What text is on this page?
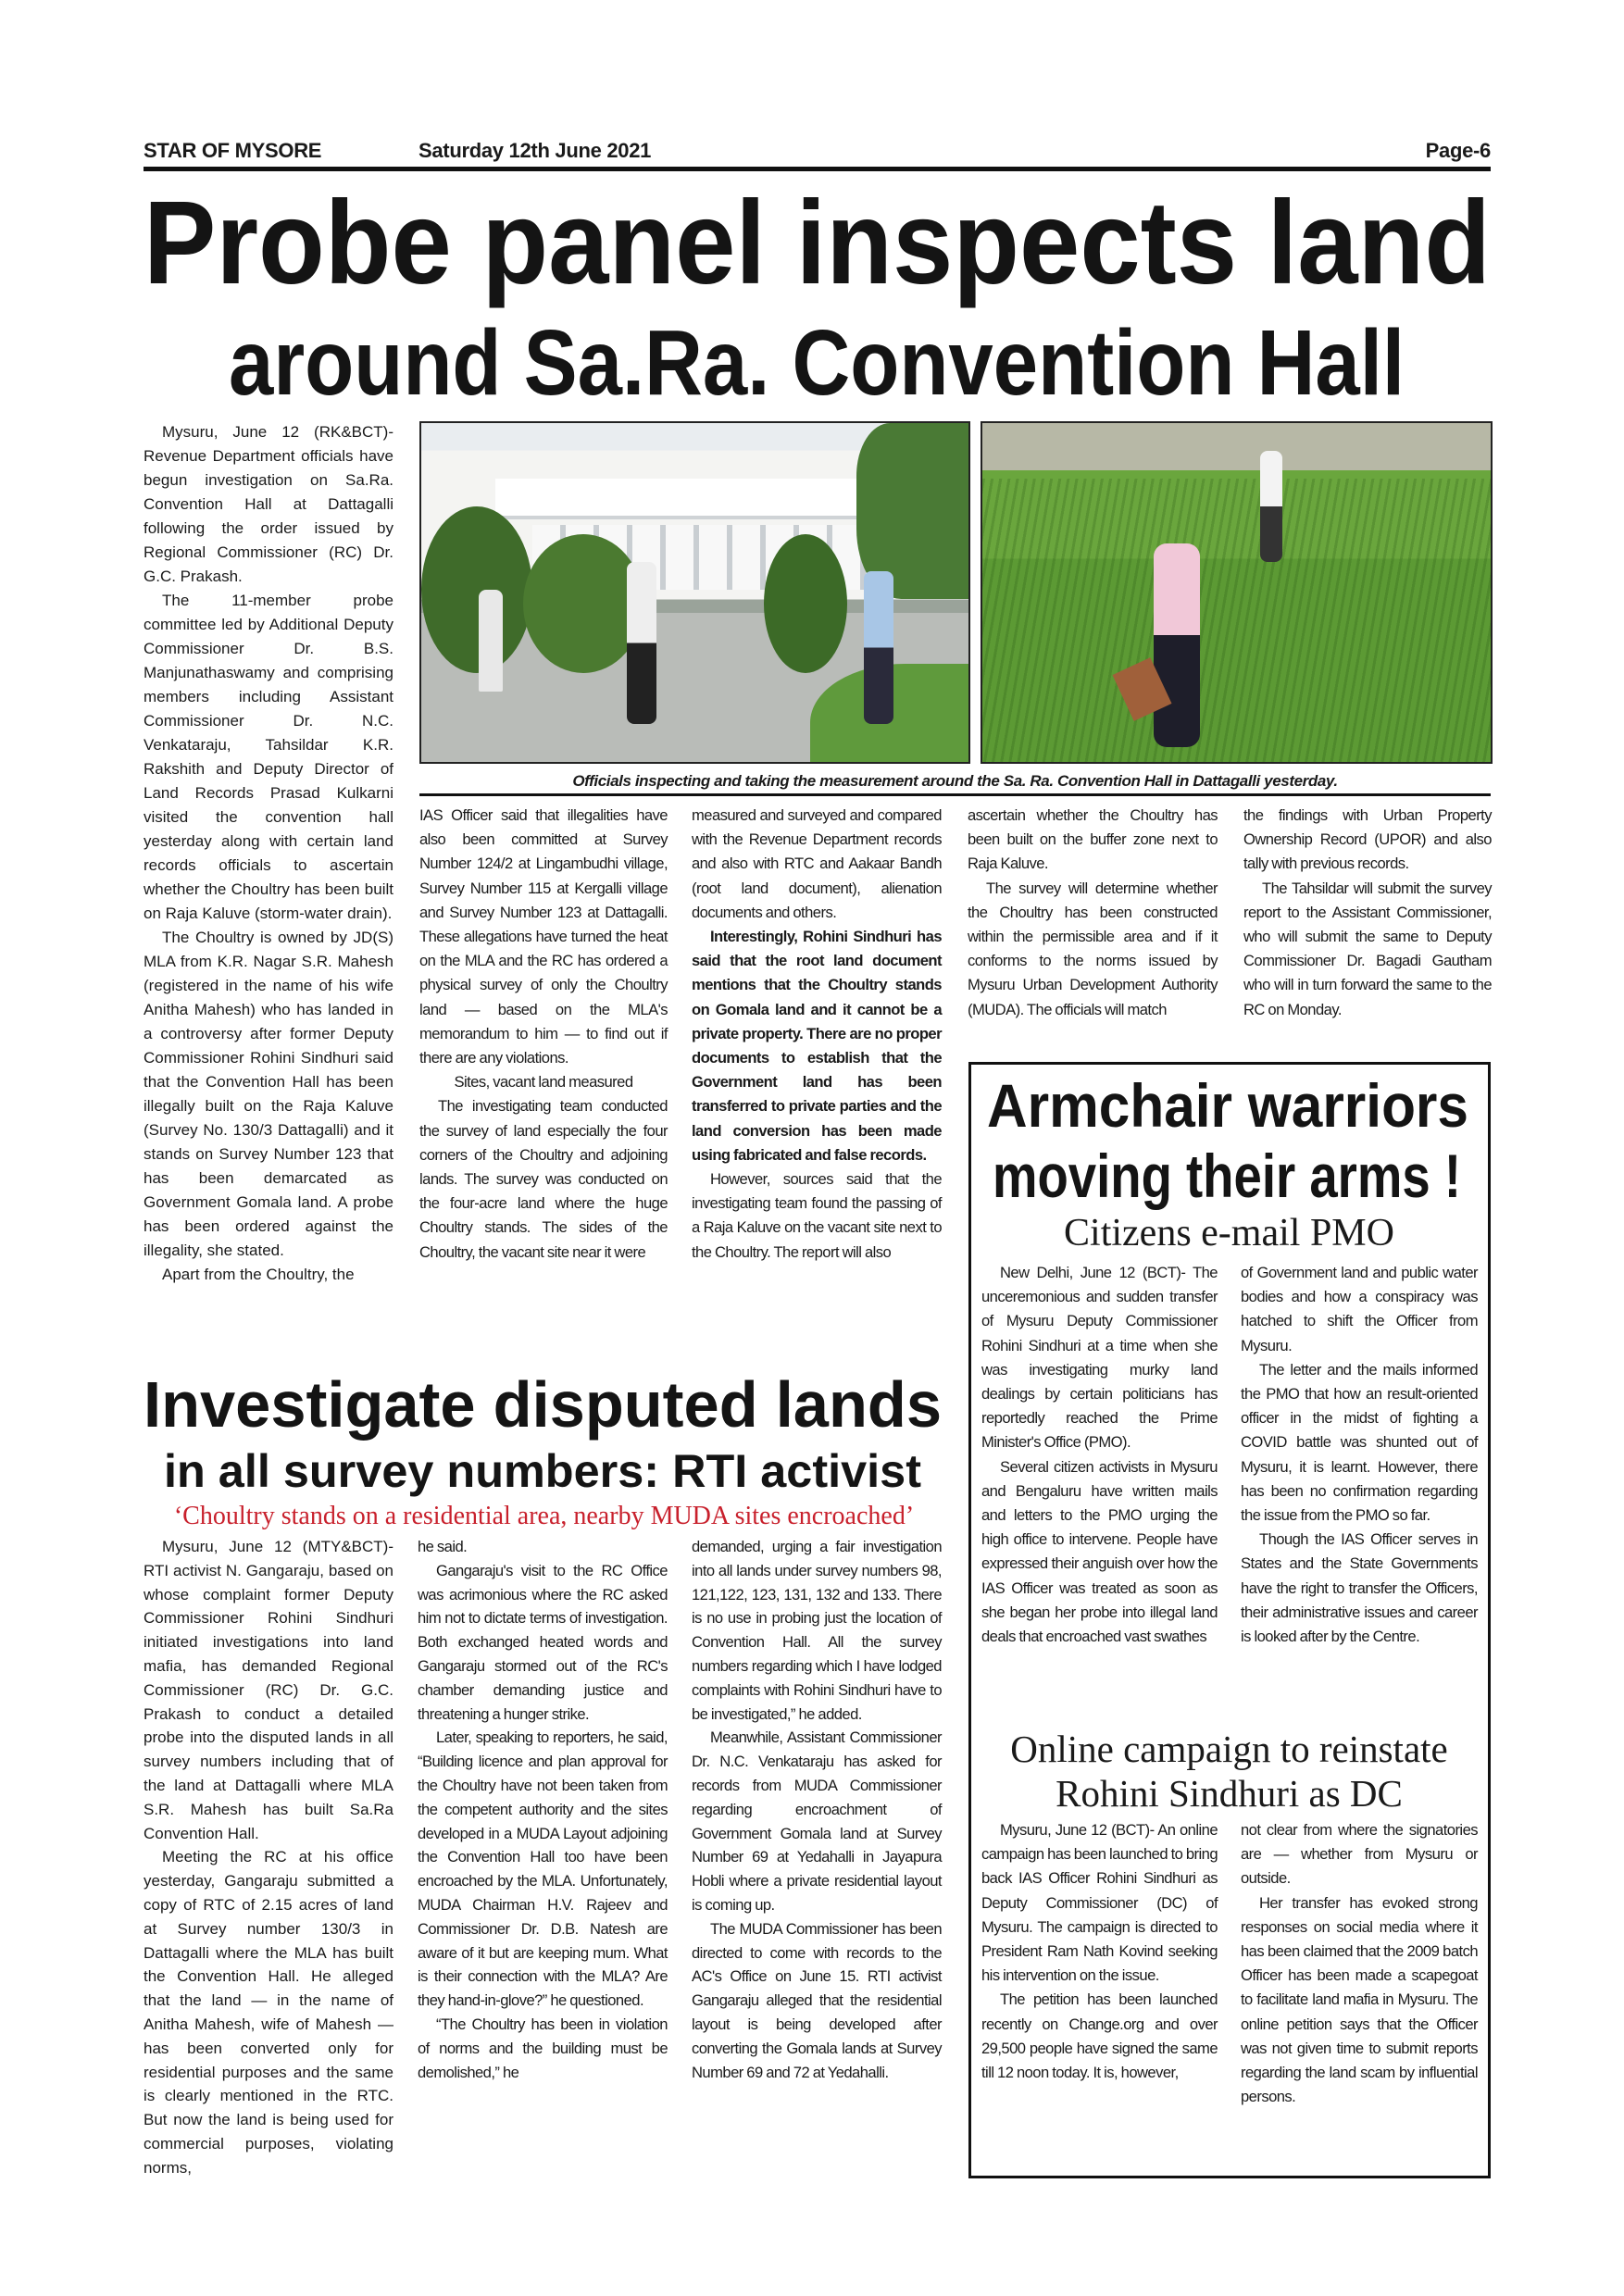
STAR OF MYSORE	Saturday 12th June 2021	Page-6
Probe panel inspects land
around Sa.Ra. Convention Hall
Officials inspecting and taking the measurement around the Sa. Ra. Convention Hall in Dattagalli yesterday.

Mysuru, June 12 (RK&BCT)- Revenue Department officials have begun investigation on Sa.Ra. Convention Hall at Dattagalli following the order issued by Regional Commissioner (RC) Dr. G.C. Prakash.

The 11-member probe committee led by Additional Deputy Commissioner Dr. B.S. Manjunathaswamy and comprising members including Assistant Commissioner Dr. N.C. Venkataraju, Tahsildar K.R. Rakshith and Deputy Director of Land Records Prasad Kulkarni visited the convention hall yesterday along with certain land records officials to ascertain whether the Choultry has been built on Raja Kaluve (storm-water drain).

The Choultry is owned by JD(S) MLA from K.R. Nagar S.R. Mahesh (registered in the name of his wife Anitha Mahesh) who has landed in a controversy after former Deputy Commissioner Rohini Sindhuri said that the Convention Hall has been illegally built on the Raja Kaluve (Survey No. 130/3 Dattagalli) and it stands on Survey Number 123 that has been demarcated as Government Gomala land. A probe has been ordered against the illegality, she stated.

Apart from the Choultry, the

IAS Officer said that illegalities have also been committed at Survey Number 124/2 at Lingambudhi village, Survey Number 115 at Kergalli village and Survey Number 123 at Dattagalli. These allegations have turned the heat on the MLA and the RC has ordered a physical survey of only the Choultry land — based on the MLA's memorandum to him — to find out if there are any violations.

Sites, vacant land measured

The investigating team conducted the survey of land especially the four corners of the Choultry and adjoining lands. The survey was conducted on the four-acre land where the huge Choultry stands. The sides of the Choultry, the vacant site near it were

measured and surveyed and compared with the Revenue Department records and also with RTC and Aakaar Bandh (root land document), alienation documents and others.

Interestingly, Rohini Sindhuri has said that the root land document mentions that the Choultry stands on Gomala land and it cannot be a private property. There are no proper documents to establish that the Government land has been transferred to private parties and the land conversion has been made using fabricated and false records.

However, sources said that the investigating team found the passing of a Raja Kaluve on the vacant site next to the Choultry. The report will also

ascertain whether the Choultry has been built on the buffer zone next to Raja Kaluve.

The survey will determine whether the Choultry has been constructed within the permissible area and if it conforms to the norms issued by Mysuru Urban Development Authority (MUDA). The officials will match

the findings with Urban Property Ownership Record (UPOR) and also tally with previous records.

The Tahsildar will submit the survey report to the Assistant Commissioner, who will submit the same to Deputy Commissioner Dr. Bagadi Gautham who will in turn forward the same to the RC on Monday.

Investigate disputed lands
in all survey numbers: RTI activist
‘Choultry stands on a residential area, nearby MUDA sites encroached’

Mysuru, June 12 (MTY&BCT)- RTI activist N. Gangaraju, based on whose complaint former Deputy Commissioner Rohini Sindhuri initiated investigations into land mafia, has demanded Regional Commissioner (RC) Dr. G.C. Prakash to conduct a detailed probe into the disputed lands in all survey numbers including that of the land at Dattagalli where MLA S.R. Mahesh has built Sa.Ra Convention Hall.

Meeting the RC at his office yesterday, Gangaraju submitted a copy of RTC of 2.15 acres of land at Survey number 130/3 in Dattagalli where the MLA has built the Convention Hall. He alleged that the land — in the name of Anitha Mahesh, wife of Mahesh — has been converted only for residential purposes and the same is clearly mentioned in the RTC. But now the land is being used for commercial purposes, violating norms,

he said.

Gangaraju's visit to the RC Office was acrimonious where the RC asked him not to dictate terms of investigation. Both exchanged heated words and Gangaraju stormed out of the RC's chamber demanding justice and threatening a hunger strike.

Later, speaking to reporters, he said, “Building licence and plan approval for the Choultry have not been taken from the competent authority and the sites developed in a MUDA Layout adjoining the Convention Hall too have been encroached by the MLA. Unfortunately, MUDA Chairman H.V. Rajeev and Commissioner Dr. D.B. Natesh are aware of it but are keeping mum. What is their connection with the MLA? Are they hand-in-glove?” he questioned.

“The Choultry has been in violation of norms and the building must be demolished,” he

demanded, urging a fair investigation into all lands under survey numbers 98, 121,122, 123, 131, 132 and 133. There is no use in probing just the location of Convention Hall. All the survey numbers regarding which I have lodged complaints with Rohini Sindhuri have to be investigated,” he added.

Meanwhile, Assistant Commissioner Dr. N.C. Venkataraju has asked for records from MUDA Commissioner regarding encroachment of Government Gomala land at Survey Number 69 at Yedahalli in Jayapura Hobli where a private residential layout is coming up.

The MUDA Commissioner has been directed to come with records to the AC's Office on June 15. RTI activist Gangaraju alleged that the residential layout is being developed after converting the Gomala lands at Survey Number 69 and 72 at Yedahalli.

Armchair warriors
moving their arms !
Citizens e-mail PMO

New Delhi, June 12 (BCT)- The unceremonious and sudden transfer of Mysuru Deputy Commissioner Rohini Sindhuri at a time when she was investigating murky land dealings by certain politicians has reportedly reached the Prime Minister's Office (PMO).

Several citizen activists in Mysuru and Bengaluru have written mails and letters to the PMO urging the high office to intervene. People have expressed their anguish over how the IAS Officer was treated as soon as she began her probe into illegal land deals that encroached vast swathes

of Government land and public water bodies and how a conspiracy was hatched to shift the Officer from Mysuru.

The letter and the mails informed the PMO that how an result-oriented officer in the midst of fighting a COVID battle was shunted out of Mysuru, it is learnt. However, there has been no confirmation regarding the issue from the PMO so far.

Though the IAS Officer serves in States and the State Governments have the right to transfer the Officers, their administrative issues and career is looked after by the Centre.

Online campaign to reinstate
Rohini Sindhuri as DC

Mysuru, June 12 (BCT)- An online campaign has been launched to bring back IAS Officer Rohini Sindhuri as Deputy Commissioner (DC) of Mysuru. The campaign is directed to President Ram Nath Kovind seeking his intervention on the issue.

The petition has been launched recently on Change.org and over 29,500 people have signed the same till 12 noon today. It is, however,

not clear from where the signatories are — whether from Mysuru or outside.

Her transfer has evoked strong responses on social media where it has been claimed that the 2009 batch Officer has been made a scapegoat to facilitate land mafia in Mysuru. The online petition says that the Officer was not given time to submit reports regarding the land scam by influential persons.
